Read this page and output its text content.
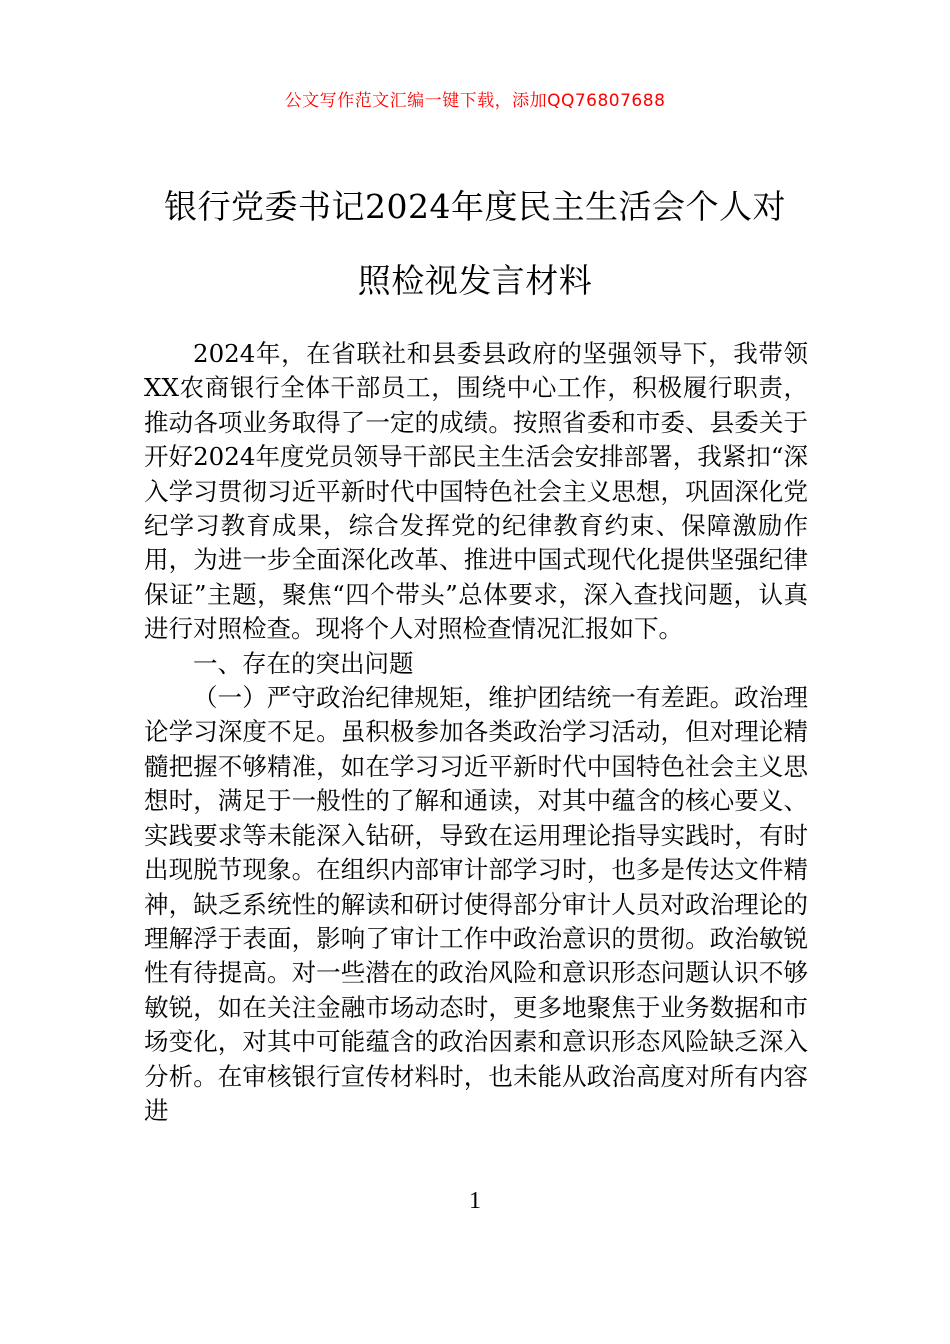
公文写作范文汇编一键下载，添加QQ76807688
银行党委书记2024年度民主生活会个人对
照检视发言材料

2024年，在省联社和县委县政府的坚强领导下，我带领XX农商银行全体干部员工，围绕中心工作，积极履行职责，推动各项业务取得了一定的成绩。按照省委和市委、县委关于开好2024年度党员领导干部民主生活会安排部署，我紧扣“深入学习贯彻习近平新时代中国特色社会主义思想，巩固深化党纪学习教育成果，综合发挥党的纪律教育约束、保障激励作用，为进一步全面深化改革、推进中国式现代化提供坚强纪律保证”主题，聚焦“四个带头”总体要求，深入查找问题，认真进行对照检查。现将个人对照检查情况汇报如下。

一、存在的突出问题

（一）严守政治纪律规矩，维护团结统一有差距。政治理论学习深度不足。虽积极参加各类政治学习活动，但对理论精髓把握不够精准，如在学习习近平新时代中国特色社会主义思想时，满足于一般性的了解和通读，对其中蕴含的核心要义、实践要求等未能深入钻研，导致在运用理论指导实践时，有时出现脱节现象。在组织内部审计部学习时，也多是传达文件精神，缺乏系统性的解读和研讨使得部分审计人员对政治理论的理解浮于表面，影响了审计工作中政治意识的贯彻。政治敏锐性有待提高。对一些潜在的政治风险和意识形态问题认识不够敏锐，如在关注金融市场动态时，更多地聚焦于业务数据和市场变化，对其中可能蕴含的政治因素和意识形态风险缺乏深入分析。在审核银行宣传材料时，也未能从政治高度对所有内容进

1
